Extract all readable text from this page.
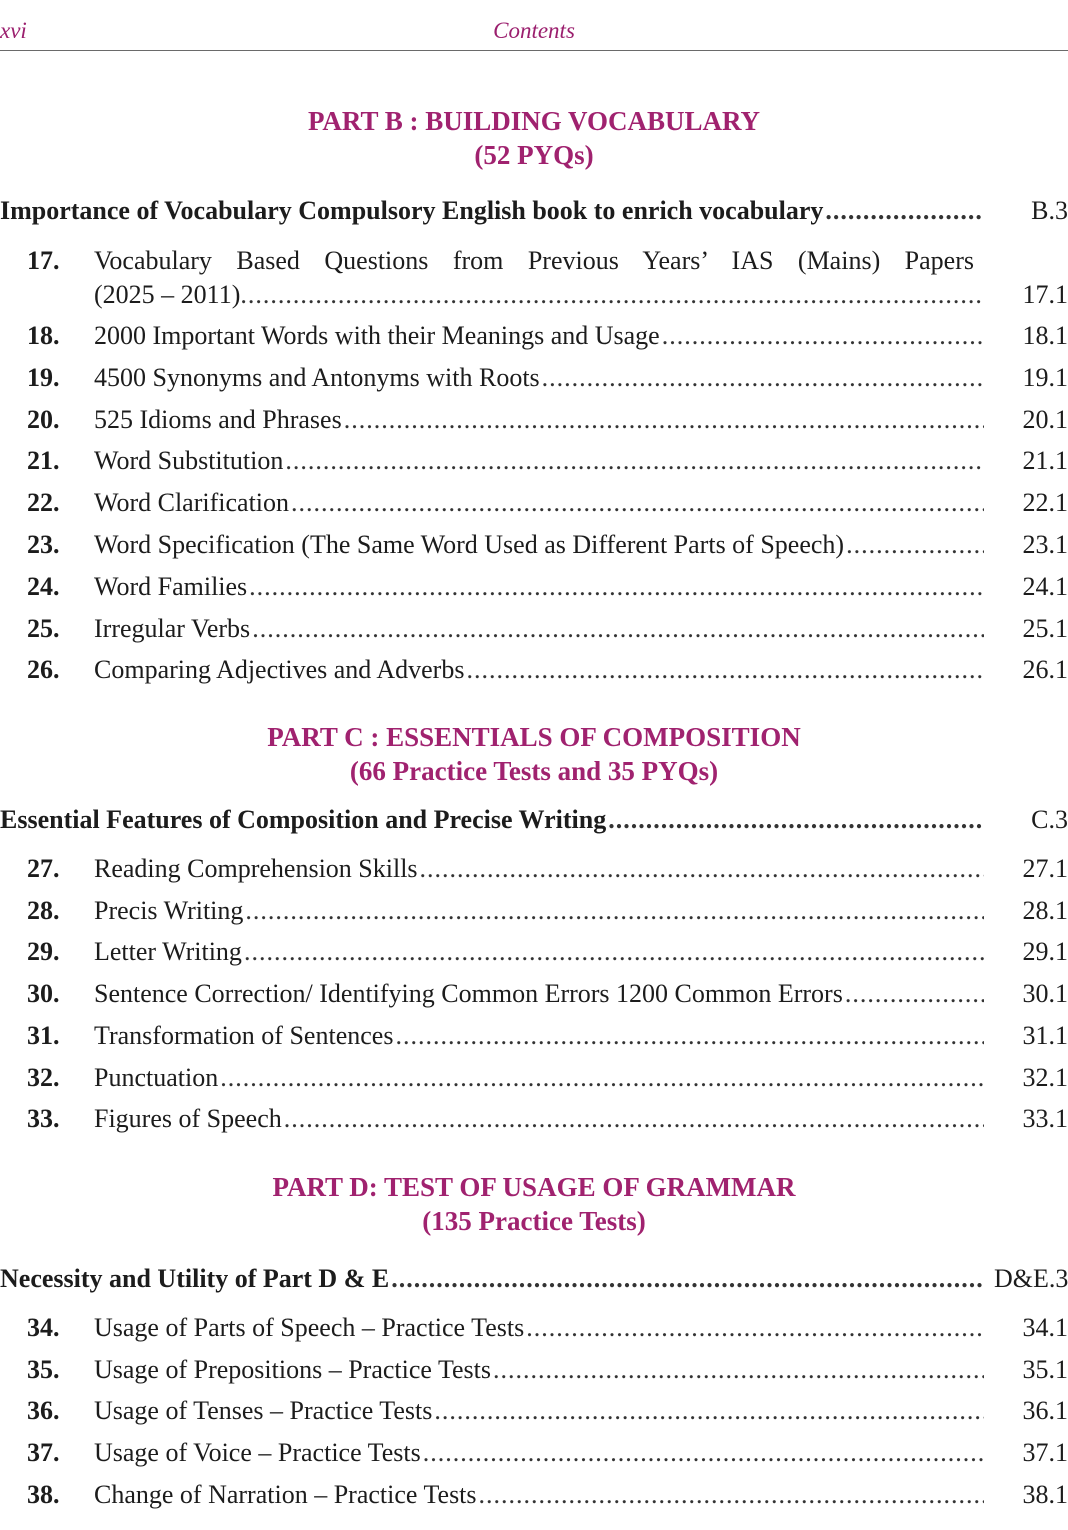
xvi	Contents
PART B : BUILDING VOCABULARY
(52 PYQs)
Importance of Vocabulary Compulsory English book to enrich vocabulary .....	B.3
17. Vocabulary Based Questions from Previous Years’ IAS (Mains) Papers
(2025 – 2011) .....	17.1
18.	2000 Important Words with their Meanings and Usage .....	18.1
19.	4500 Synonyms and Antonyms with Roots .....	19.1
20.	525 Idioms and Phrases .....	20.1
21.	Word Substitution .....	21.1
22.	Word Clarification .....	22.1
23.	Word Specification (The Same Word Used as Different Parts of Speech) .....	23.1
24.	Word Families .....	24.1
25.	Irregular Verbs .....	25.1
26.	Comparing Adjectives and Adverbs .....	26.1
PART C : ESSENTIALS OF COMPOSITION
(66 Practice Tests and 35 PYQs)
Essential Features of Composition and Precise Writing .....	C.3
27.	Reading Comprehension Skills .....	27.1
28.	Precis Writing .....	28.1
29.	Letter Writing .....	29.1
30.	Sentence Correction/ Identifying Common Errors 1200 Common Errors .....	30.1
31.	Transformation of Sentences .....	31.1
32.	Punctuation .....	32.1
33.	Figures of Speech .....	33.1
PART D: TEST OF USAGE OF GRAMMAR
(135 Practice Tests)
Necessity and Utility of Part D & E .....	D&E.3
34.	Usage of Parts of Speech – Practice Tests .....	34.1
35.	Usage of Prepositions – Practice Tests .....	35.1
36.	Usage of Tenses – Practice Tests .....	36.1
37.	Usage of Voice – Practice Tests .....	37.1
38.	Change of Narration – Practice Tests .....	38.1
